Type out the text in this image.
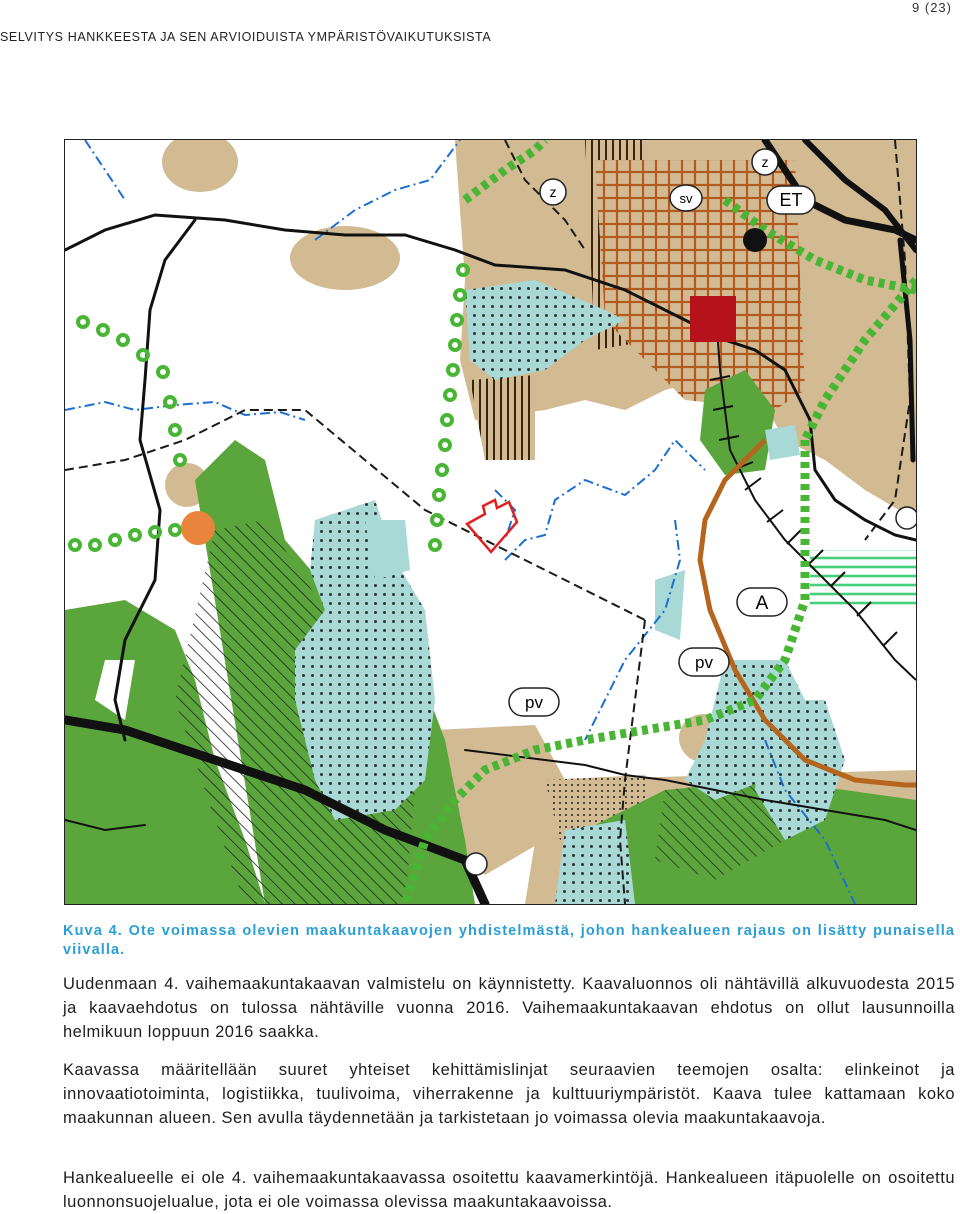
9 (23)
SELVITYS HANKKEESTA JA SEN ARVIOIDUISTA YMPÄRISTÖVAIKUTUKSISTA
z
z
sv	ET
A
pv
pv
Kuva 4. Ote voimassa olevien maakuntakaavojen yhdistelmästä, johon hankealueen rajaus on lisätty punaisella viivalla.

Uudenmaan 4. vaihemaakuntakaavan valmistelu on käynnistetty. Kaavaluonnos oli nähtävillä alkuvuodesta 2015 ja kaavaehdotus on tulossa nähtäville vuonna 2016. Vaihemaakuntakaavan ehdotus on ollut lausunnoilla helmikuun loppuun 2016 saakka.

Kaavassa määritellään suuret yhteiset kehittämislinjat seuraavien teemojen osalta: elinkeinot ja innovaatiotoiminta, logistiikka, tuulivoima, viherrakenne ja kulttuuriympäristöt. Kaava tulee kattamaan koko maakunnan alueen. Sen avulla täydennetään ja tarkistetaan jo voimassa olevia maakuntakaavoja.

Hankealueelle ei ole 4. vaihemaakuntakaavassa osoitettu kaavamerkintöjä. Hankealueen itäpuolelle on osoitettu luonnonsuojelualue, jota ei ole voimassa olevissa maakuntakaavoissa.
